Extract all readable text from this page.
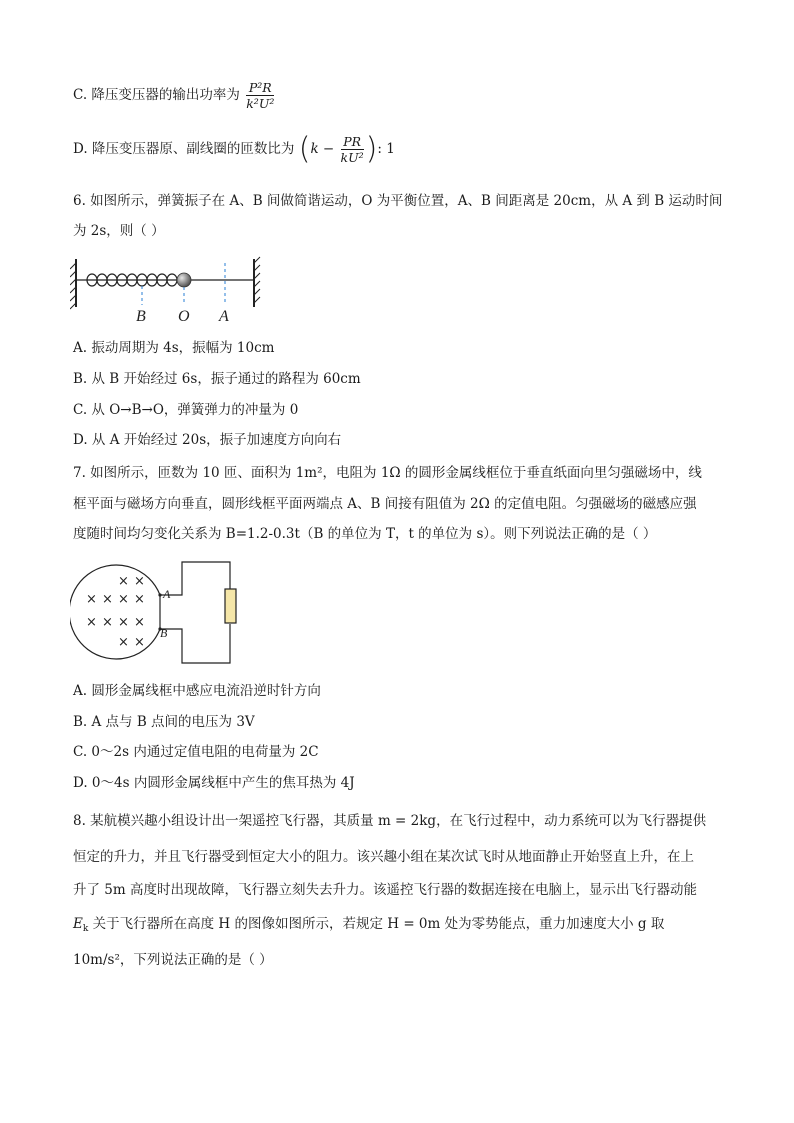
C. 降压变压器的输出功率为 $\frac{\text{P²R}}{\text{k²U²}}$
D. 降压变压器原、副线圈的匝数比为 ($k - \frac{PR}{\text{kU²}}$ ): 1
6. 如图所示，弹簧振子在 A、B 间做简谐运动，O 为平衡位置，A、B 间距离是 20cm，从 A 到 B 运动时间
为 2s，则（ ）
B O A
A. 振动周期为 4s，振幅为 10cm
B. 从 B 开始经过 6s，振子通过的路程为 60cm
C. 从 O→B→O，弹簧弹力的冲量为 0
D. 从 A 开始经过 20s，振子加速度方向向右
7. 如图所示，匝数为 10 匝、面积为 1m²，电阻为 1Ω 的圆形金属线框位于垂直纸面向里匀强磁场中，线
框平面与磁场方向垂直，圆形线框平面两端点 A、B 间接有阻值为 2Ω 的定值电阻。匀强磁场的磁感应强
度随时间均匀变化关系为 B=1.2-0.3t（B 的单位为 T，t 的单位为 s）。则下列说法正确的是（ ）
× ×
× × × ×
× × × ×
× ×
A
B
A. 圆形金属线框中感应电流沿逆时针方向
B. A 点与 B 点间的电压为 3V
C. 0～2s 内通过定值电阻的电荷量为 2C
D. 0～4s 内圆形金属线框中产生的焦耳热为 4J
8. 某航模兴趣小组设计出一架遥控飞行器，其质量 m = 2kg，在飞行过程中，动力系统可以为飞行器提供
恒定的升力，并且飞行器受到恒定大小的阻力。该兴趣小组在某次试飞时从地面静止开始竖直上升，在上
升了 5m 高度时出现故障，飞行器立刻失去升力。该遥控飞行器的数据连接在电脑上，显示出飞行器动能
$E_k$ 关于飞行器所在高度 H 的图像如图所示，若规定 H = 0m 处为零势能点，重力加速度大小 g 取
10m/s²，下列说法正确的是（ ）
